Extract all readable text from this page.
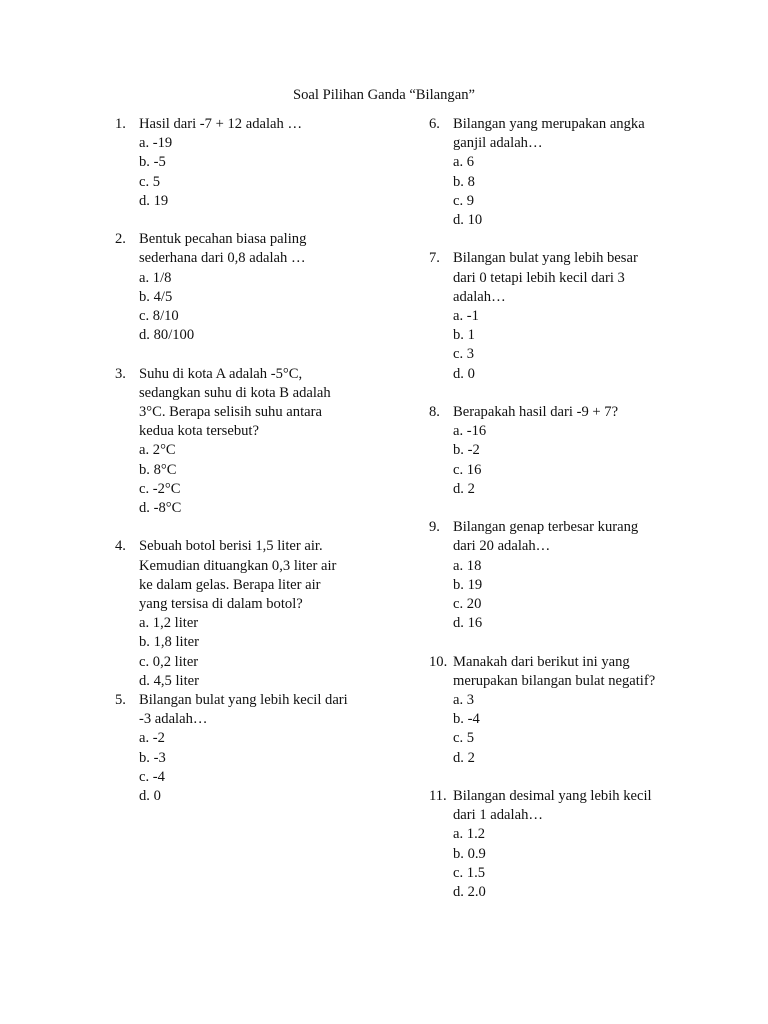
Soal Pilihan Ganda “Bilangan”
1. Hasil dari -7 + 12 adalah …
a. -19
b. -5
c. 5
d. 19
2. Bentuk pecahan biasa paling
sederhana dari 0,8 adalah …
a. 1/8
b. 4/5
c. 8/10
d. 80/100
3. Suhu di kota A adalah -5°C,
sedangkan suhu di kota B adalah
3°C. Berapa selisih suhu antara
kedua kota tersebut?
a. 2°C
b. 8°C
c. -2°C
d. -8°C
4. Sebuah botol berisi 1,5 liter air.
Kemudian dituangkan 0,3 liter air
ke dalam gelas. Berapa liter air
yang tersisa di dalam botol?
a. 1,2 liter
b. 1,8 liter
c. 0,2 liter
d. 4,5 liter
5. Bilangan bulat yang lebih kecil dari
-3 adalah…
a. -2
b. -3
c. -4
d. 0
6. Bilangan yang merupakan angka
ganjil adalah…
a. 6
b. 8
c. 9
d. 10
7. Bilangan bulat yang lebih besar
dari 0 tetapi lebih kecil dari 3
adalah…
a. -1
b. 1
c. 3
d. 0
8. Berapakah hasil dari -9 + 7?
a. -16
b. -2
c. 16
d. 2
9. Bilangan genap terbesar kurang
dari 20 adalah…
a. 18
b. 19
c. 20
d. 16
10. Manakah dari berikut ini yang
merupakan bilangan bulat negatif?
a. 3
b. -4
c. 5
d. 2
11. Bilangan desimal yang lebih kecil
dari 1 adalah…
a. 1.2
b. 0.9
c. 1.5
d. 2.0
